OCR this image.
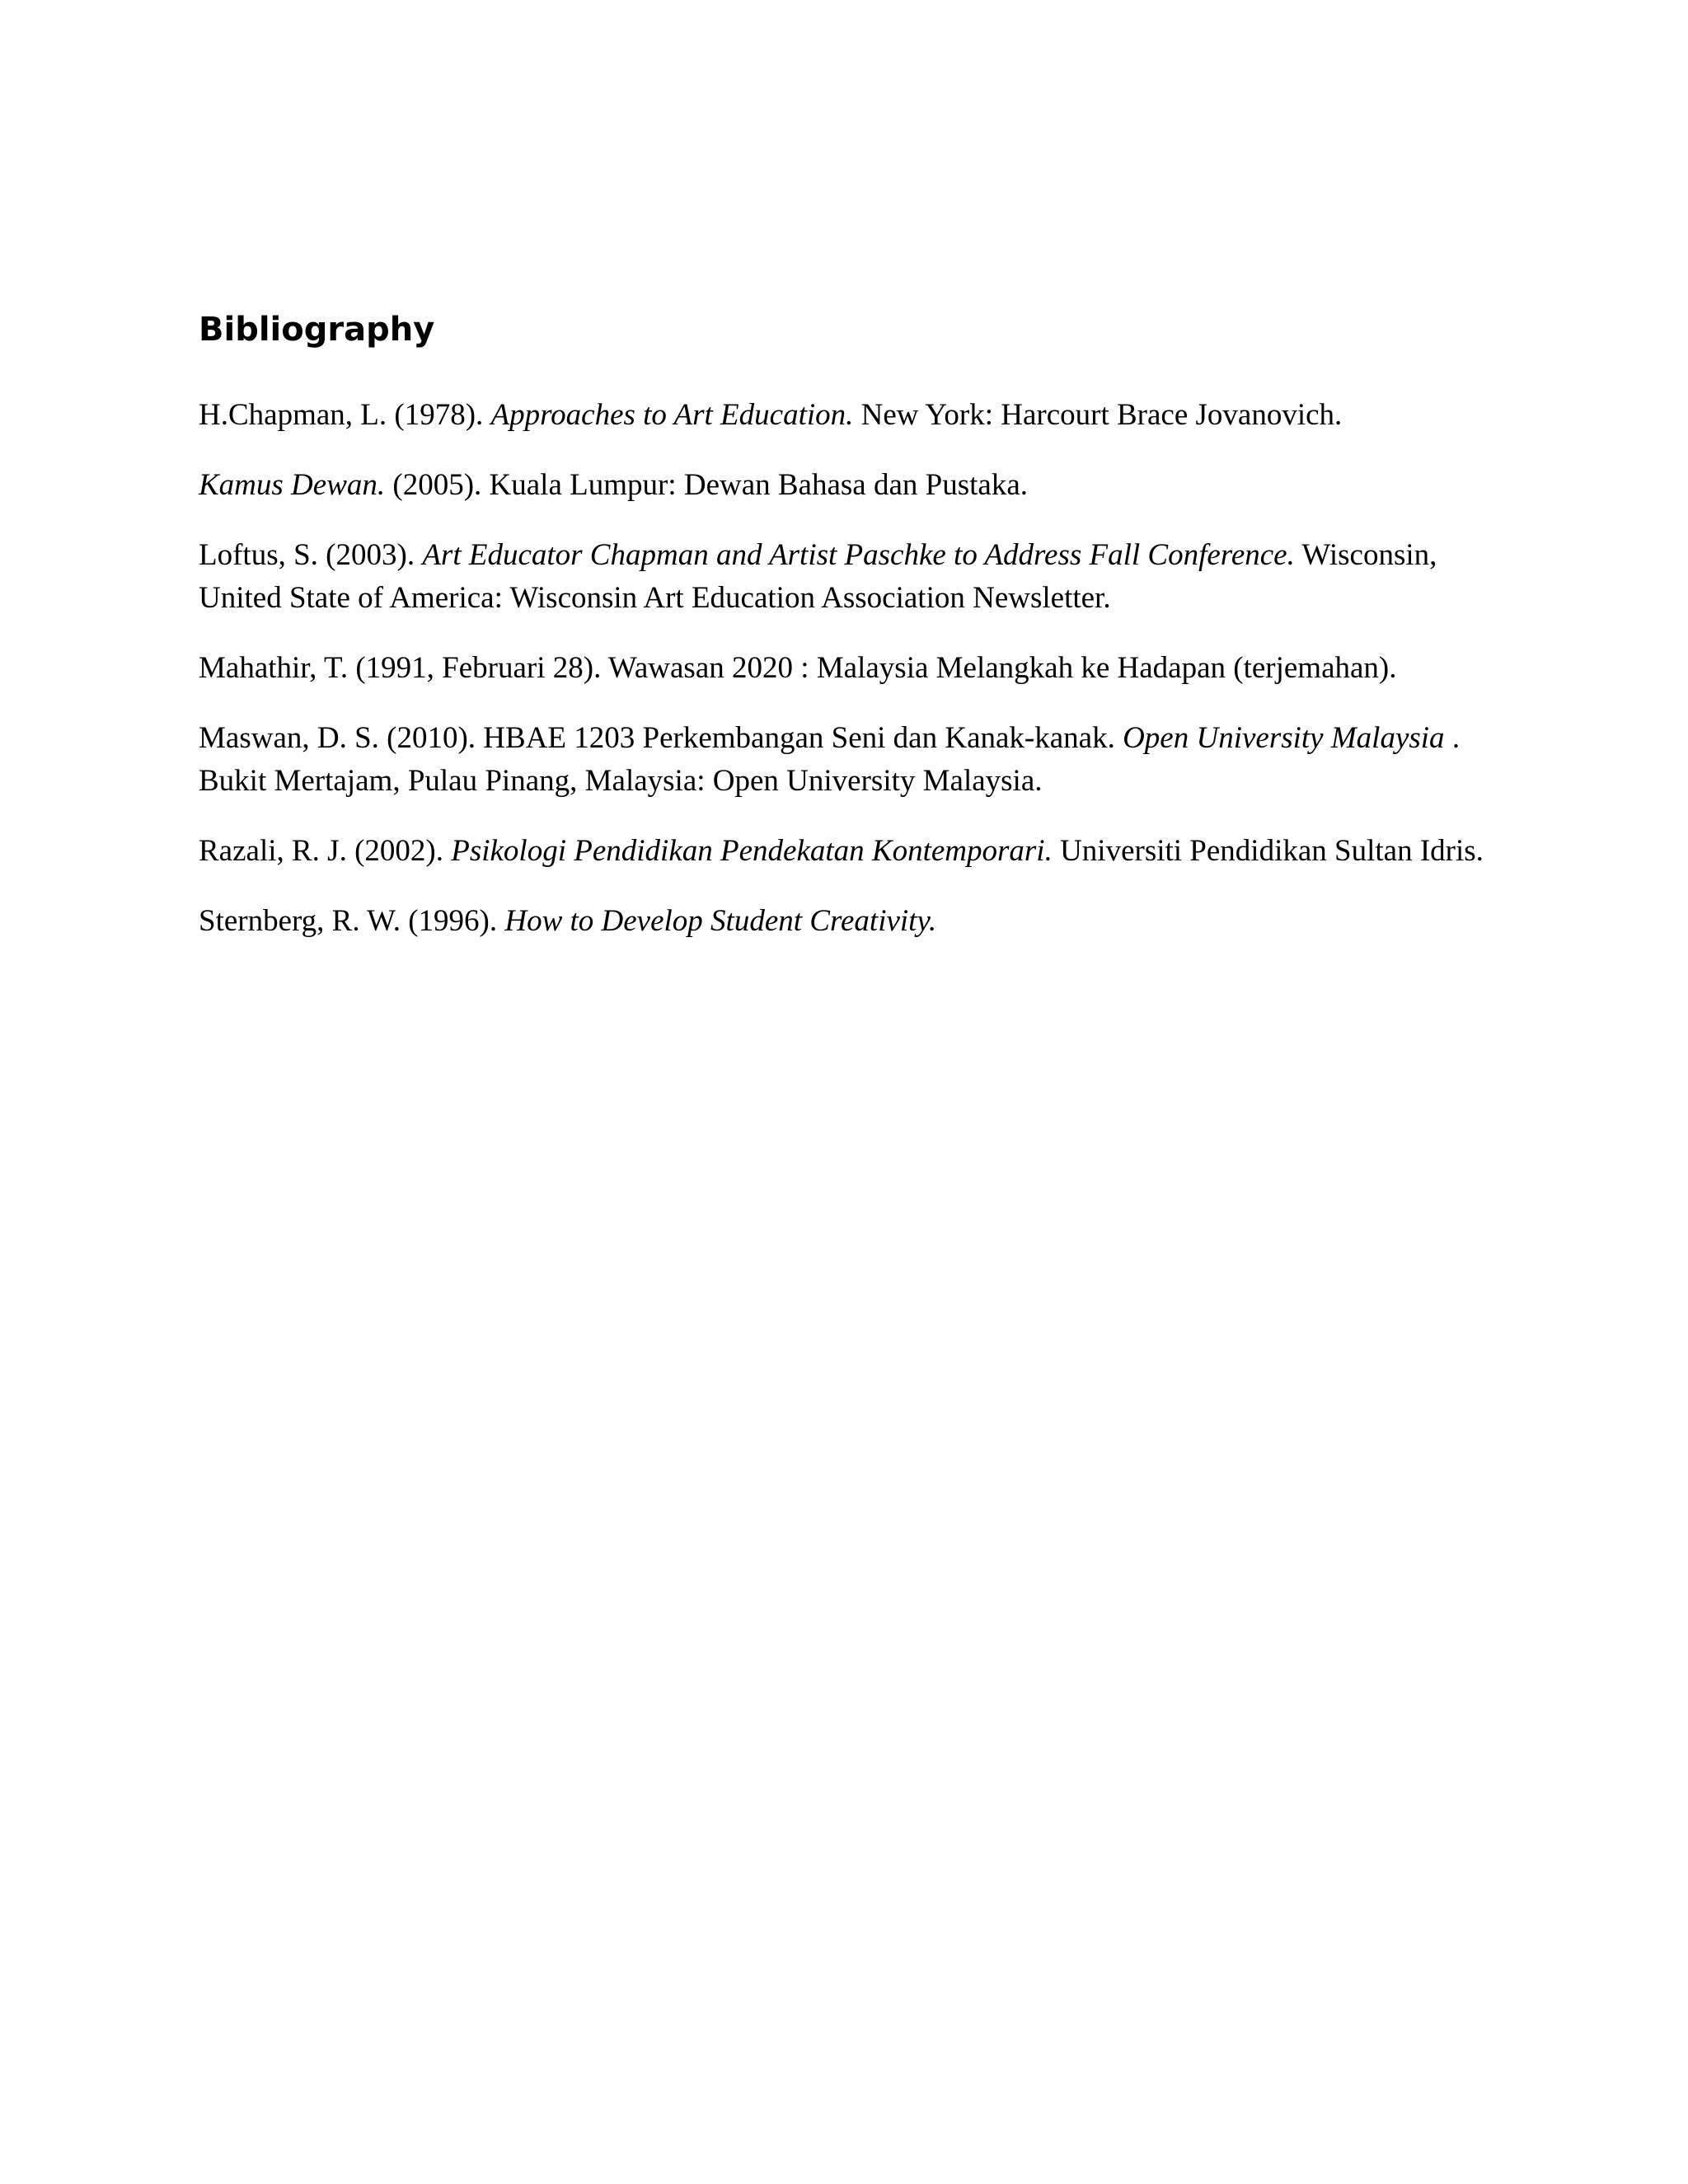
Bibliography

H.Chapman, L. (1978). Approaches to Art Education. New York: Harcourt Brace Jovanovich.

Kamus Dewan. (2005). Kuala Lumpur: Dewan Bahasa dan Pustaka.

Loftus, S. (2003). Art Educator Chapman and Artist Paschke to Address Fall Conference. Wisconsin, United State of America: Wisconsin Art Education Association Newsletter.

Mahathir, T. (1991, Februari 28). Wawasan 2020 : Malaysia Melangkah ke Hadapan (terjemahan).

Maswan, D. S. (2010). HBAE 1203 Perkembangan Seni dan Kanak-kanak. Open University Malaysia . Bukit Mertajam, Pulau Pinang, Malaysia: Open University Malaysia.

Razali, R. J. (2002). Psikologi Pendidikan Pendekatan Kontemporari. Universiti Pendidikan Sultan Idris.

Sternberg, R. W. (1996). How to Develop Student Creativity.
